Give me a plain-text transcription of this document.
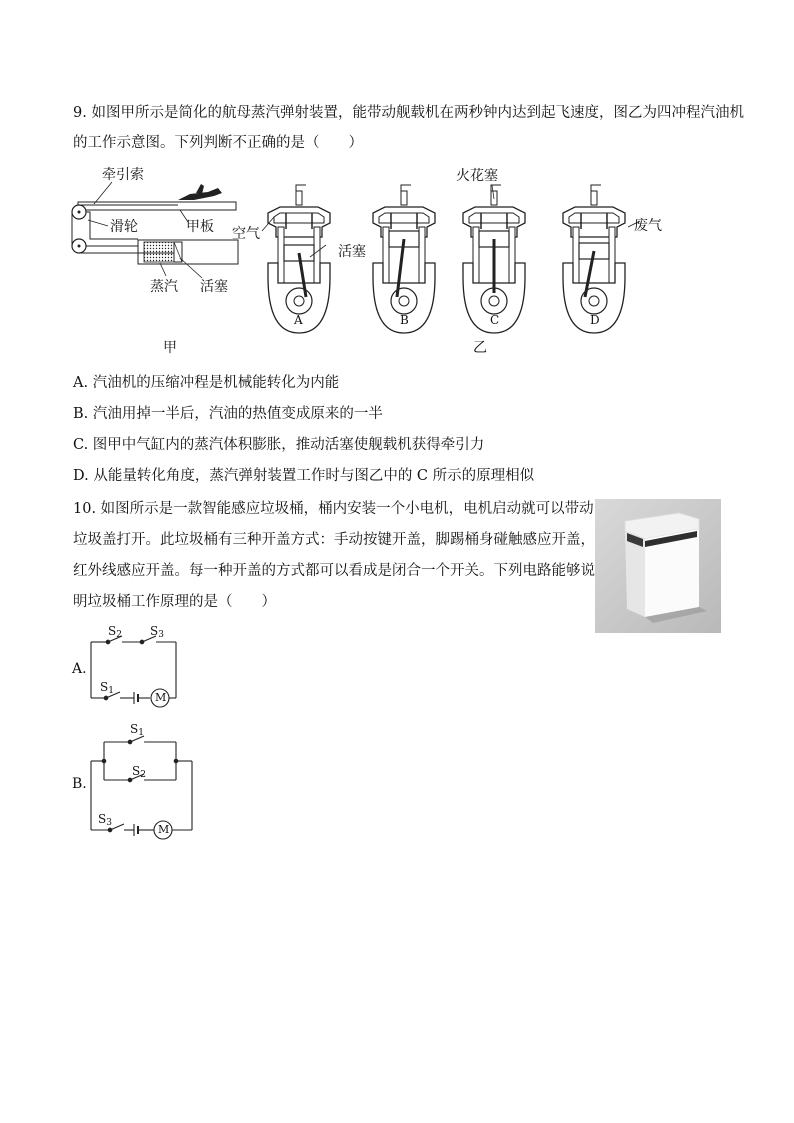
9. 如图甲所示是简化的航母蒸汽弹射装置，能带动舰载机在两秒钟内达到起飞速度，图乙为四冲程汽油机
的工作示意图。下列判断不正确的是（　　）
牵引索
滑轮	甲板
蒸汽 活塞
甲
火花塞
空气
活塞
废气
A	B	C	D
乙
A. 汽油机的压缩冲程是机械能转化为内能
B. 汽油用掉一半后，汽油的热值变成原来的一半
C. 图甲中气缸内的蒸汽体积膨胀，推动活塞使舰载机获得牵引力
D. 从能量转化角度，蒸汽弹射装置工作时与图乙中的 C 所示的原理相似
10. 如图所示是一款智能感应垃圾桶，桶内安装一个小电机，电机启动就可以带动
垃圾盖打开。此垃圾桶有三种开盖方式：手动按键开盖，脚踢桶身碰触感应开盖，
红外线感应开盖。每一种开盖的方式都可以看成是闭合一个开关。下列电路能够说
明垃圾桶工作原理的是（　　）
A.
$S_2$ $S_3$
$S_1$	M
B.
$S_1$
$S_2$
$S_3$	M
